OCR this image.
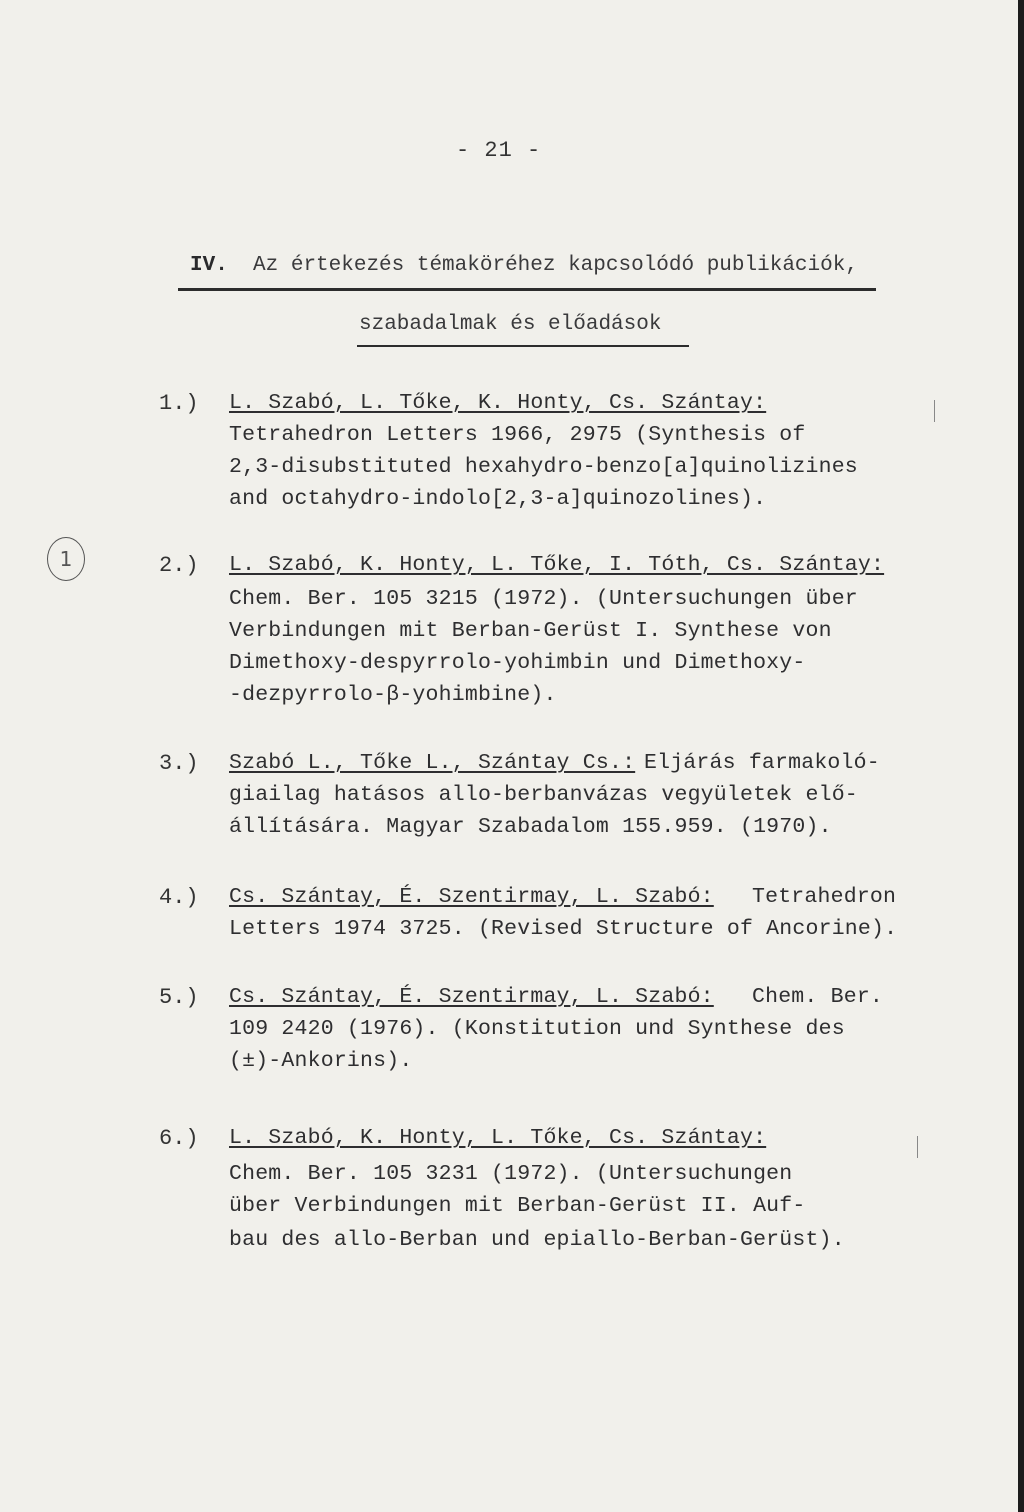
- 21 -
IV. Az értekezés témaköréhez kapcsolódó publikációk,
szabadalmak és előadások
1
1.) L. Szabó, L. Tőke, K. Honty, Cs. Szántay:
Tetrahedron Letters 1966, 2975 (Synthesis of
2,3-disubstituted hexahydro-benzo[a]quinolizines
and octahydro-indolo[2,3-a]quinozolines).
2.) L. Szabó, K. Honty, L. Tőke, I. Tóth, Cs. Szántay:
Chem. Ber. 105 3215 (1972). (Untersuchungen über
Verbindungen mit Berban-Gerüst I. Synthese von
Dimethoxy-despyrrolo-yohimbin und Dimethoxy-
-dezpyrrolo-β-yohimbine).
3.) Szabó L., Tőke L., Szántay Cs.: Eljárás farmakoló-
giailag hatásos allo-berbanvázas vegyületek elő-
állítására. Magyar Szabadalom 155.959. (1970).
4.) Cs. Szántay, É. Szentirmay, L. Szabó: Tetrahedron
Letters 1974 3725. (Revised Structure of Ancorine).
5.) Cs. Szántay, É. Szentirmay, L. Szabó: Chem. Ber.
109 2420 (1976). (Konstitution und Synthese des
(±)-Ankorins).
6.) L. Szabó, K. Honty, L. Tőke, Cs. Szántay:
Chem. Ber. 105 3231 (1972). (Untersuchungen
über Verbindungen mit Berban-Gerüst II. Auf-
bau des allo-Berban und epiallo-Berban-Gerüst).
